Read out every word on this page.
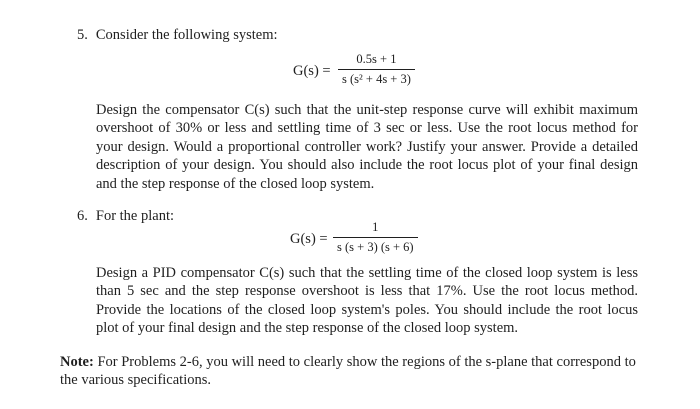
5. Consider the following system:
G(s) =
0.5s + 1
s (s² + 4s + 3)

Design the compensator C(s) such that the unit-step response curve will exhibit maximum overshoot of 30% or less and settling time of 3 sec or less. Use the root locus method for your design. Would a proportional controller work? Justify your answer. Provide a detailed description of your design. You should also include the root locus plot of your final design and the step response of the closed loop system.

6. For the plant:
G(s) =
1
s (s + 3) (s + 6)

Design a PID compensator C(s) such that the settling time of the closed loop system is less than 5 sec and the step response overshoot is less that 17%. Use the root locus method. Provide the locations of the closed loop system's poles. You should include the root locus plot of your final design and the step response of the closed loop system.

Note: For Problems 2-6, you will need to clearly show the regions of the s-plane that correspond to the various specifications.
